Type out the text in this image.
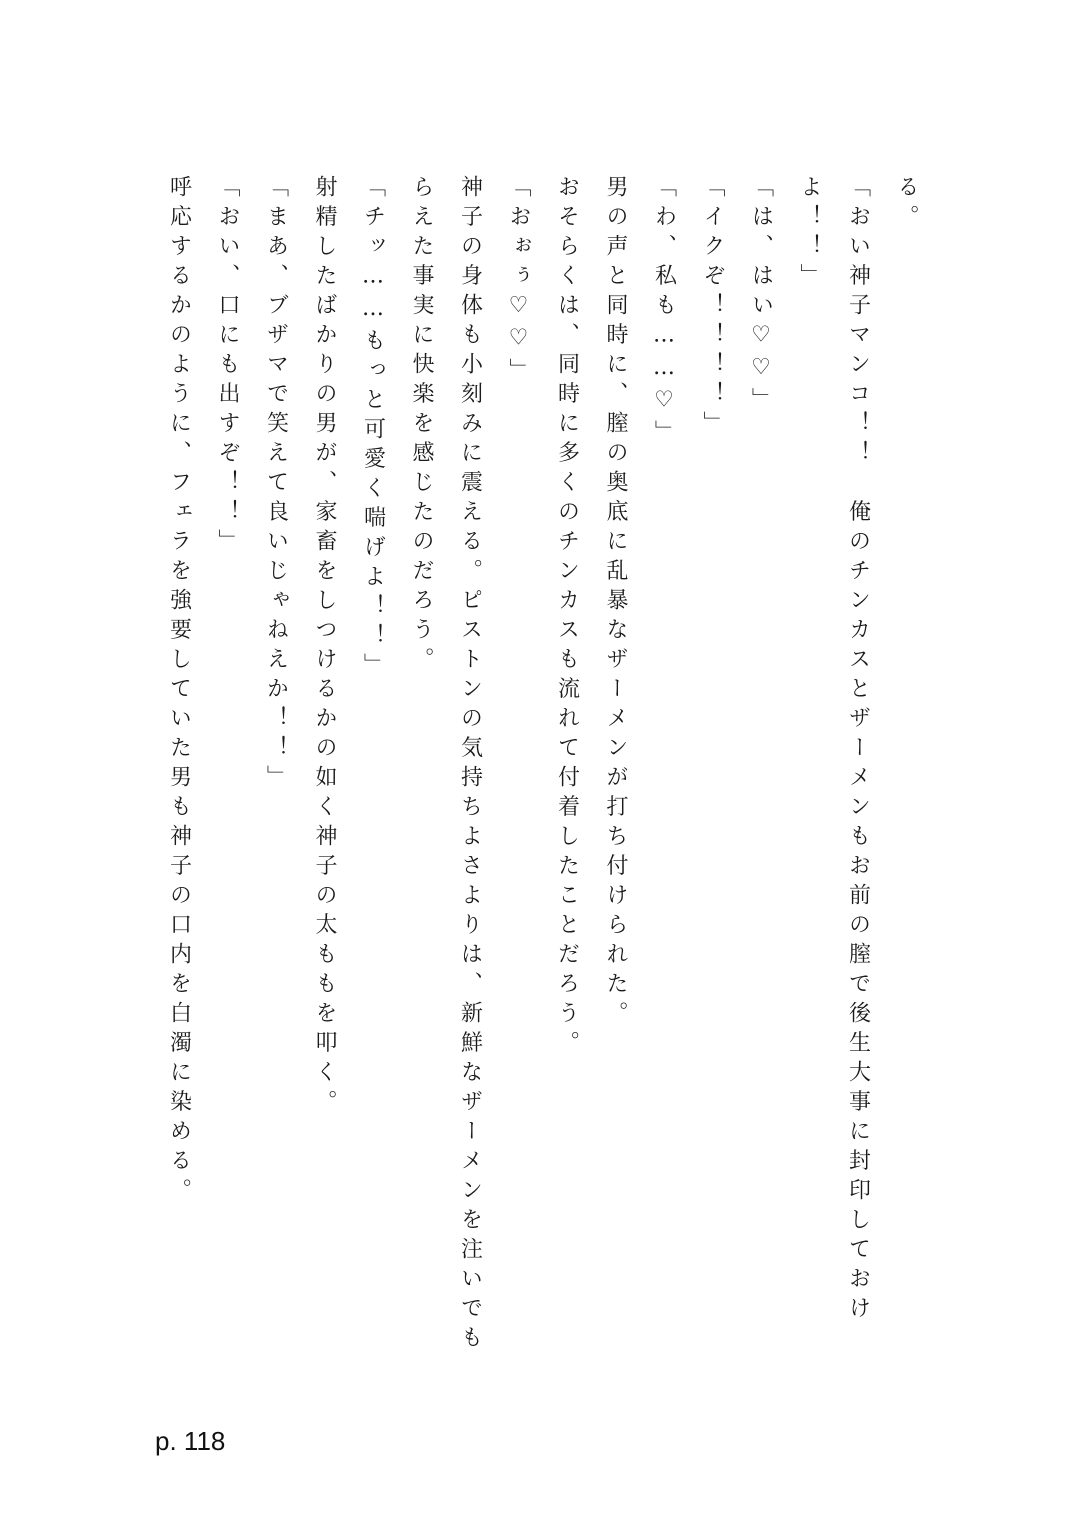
る。
「おい神子マンコ！！　俺のチンカスとザーメンもお前の膣で後生大事に封印しておけ
よ！！」
「は、はい♡♡」
「イクぞ！！！！」
「わ、私も……♡」
男の声と同時に、膣の奥底に乱暴なザーメンが打ち付けられた。
おそらくは、同時に多くのチンカスも流れて付着したことだろう。
「おぉぅ♡♡」
神子の身体も小刻みに震える。ピストンの気持ちよさよりは、新鮮なザーメンを注いでも
らえた事実に快楽を感じたのだろう。
「チッ……もっと可愛く喘げよ！！」
射精したばかりの男が、家畜をしつけるかの如く神子の太ももを叩く。
「まあ、ブザマで笑えて良いじゃねえか！！」
「おい、口にも出すぞ！！」
呼応するかのように、フェラを強要していた男も神子の口内を白濁に染める。
p. 118
